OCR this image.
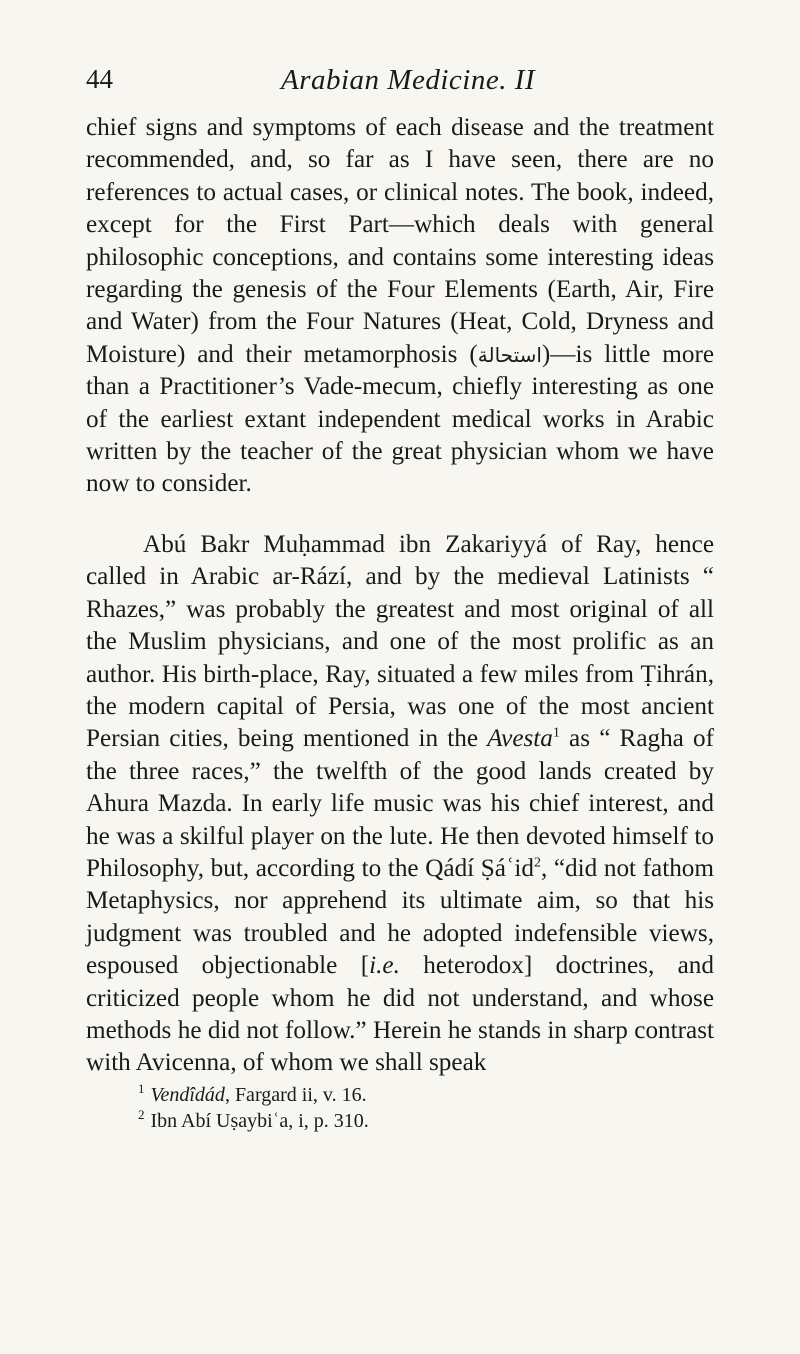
44	Arabian Medicine. II

chief signs and symptoms of each disease and the treatment recommended, and, so far as I have seen, there are no references to actual cases, or clinical notes. The book, indeed, except for the First Part—which deals with general philosophic conceptions, and contains some interesting ideas regarding the genesis of the Four Elements (Earth, Air, Fire and Water) from the Four Natures (Heat, Cold, Dryness and Moisture) and their metamorphosis (استحالة)—is little more than a Practitioner’s Vade-mecum, chiefly interesting as one of the earliest extant independent medical works in Arabic written by the teacher of the great physician whom we have now to consider.

Abú Bakr Muḥammad ibn Zakariyyá of Ray, hence called in Arabic ar-Rází, and by the medieval Latinists “ Rhazes,” was probably the greatest and most original of all the Muslim physicians, and one of the most prolific as an author. His birth-place, Ray, situated a few miles from Ṭihrán, the modern capital of Persia, was one of the most ancient Persian cities, being mentioned in the Avesta$^1$ as “ Ragha of the three races,” the twelfth of the good lands created by Ahura Mazda. In early life music was his chief interest, and he was a skilful player on the lute. He then devoted himself to Philosophy, but, according to the Qádí Ṣáʿid$^2$, “did not fathom Metaphysics, nor apprehend its ultimate aim, so that his judgment was troubled and he adopted indefensible views, espoused objectionable [i.e. heterodox] doctrines, and criticized people whom he did not understand, and whose methods he did not follow.” Herein he stands in sharp contrast with Avicenna, of whom we shall speak

$^1$ Vendîdád, Fargard ii, v. 16.

$^2$ Ibn Abí Uṣaybiʿa, i, p. 310.
